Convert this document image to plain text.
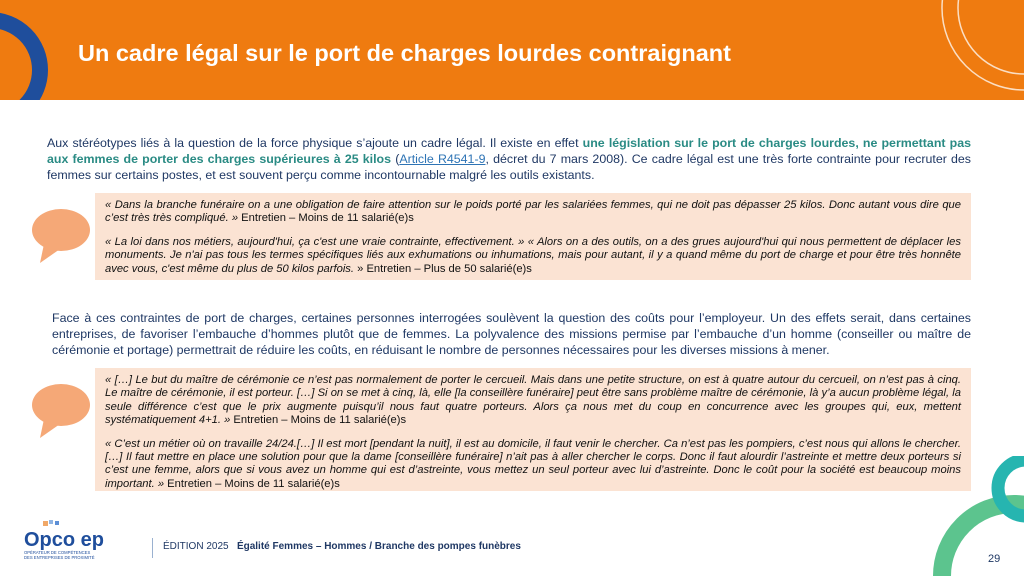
Un cadre légal sur le port de charges lourdes contraignant
Aux stéréotypes liés à la question de la force physique s’ajoute un cadre légal. Il existe en effet une législation sur le port de charges lourdes, ne permettant pas aux femmes de porter des charges supérieures à 25 kilos (Article R4541-9, décret du 7 mars 2008). Ce cadre légal est une très forte contrainte pour recruter des femmes sur certains postes, et est souvent perçu comme incontournable malgré les outils existants.

« Dans la branche funéraire on a une obligation de faire attention sur le poids porté par les salariées femmes, qui ne doit pas dépasser 25 kilos. Donc autant vous dire que c’est très très compliqué. » Entretien – Moins de 11 salarié(e)s

« La loi dans nos métiers, aujourd'hui, ça c'est une vraie contrainte, effectivement. » « Alors on a des outils, on a des grues aujourd'hui qui nous permettent de déplacer les monuments. Je n'ai pas tous les termes spécifiques liés aux exhumations ou inhumations, mais pour autant, il y a quand même du port de charge et pour être très honnête avec vous, c'est même du plus de 50 kilos parfois. » Entretien – Plus de 50 salarié(e)s

Face à ces contraintes de port de charges, certaines personnes interrogées soulèvent la question des coûts pour l’employeur. Un des effets serait, dans certaines entreprises, de favoriser l’embauche d’hommes plutôt que de femmes. La polyvalence des missions permise par l’embauche d’un homme (conseiller ou maître de cérémonie et portage) permettrait de réduire les coûts, en réduisant le nombre de personnes nécessaires pour les diverses missions à mener.

« […] Le but du maître de cérémonie ce n’est pas normalement de porter le cercueil. Mais dans une petite structure, on est à quatre autour du cercueil, on n’est pas à cinq. Le maître de cérémonie, il est porteur. […] Si on se met à cinq, là, elle [la conseillère funéraire] peut être sans problème maître de cérémonie, là y’a aucun problème légal, la seule différence c’est que le prix augmente puisqu’il nous faut quatre porteurs. Alors ça nous met du coup en concurrence avec les groupes qui, eux, mettent systématiquement 4+1. » Entretien – Moins de 11 salarié(e)s

« C’est un métier où on travaille 24/24.[…] Il est mort [pendant la nuit], il est au domicile, il faut venir le chercher. Ca n’est pas les pompiers, c’est nous qui allons le chercher. […] Il faut mettre en place une solution pour que la dame [conseillère funéraire] n’ait pas à aller chercher le corps. Donc il faut alourdir l’astreinte et mettre deux porteurs si c’est une femme, alors que si vous avez un homme qui est d’astreinte, vous mettez un seul porteur avec lui d’astreinte. Donc le coût pour la société est beaucoup moins important. » Entretien – Moins de 11 salarié(e)s

Opco ep
OPÉRATEUR DE COMPÉTENCES
DES ENTREPRISES DE PROXIMITÉ
ÉDITION 2025 Égalité Femmes – Hommes / Branche des pompes funèbres
29
